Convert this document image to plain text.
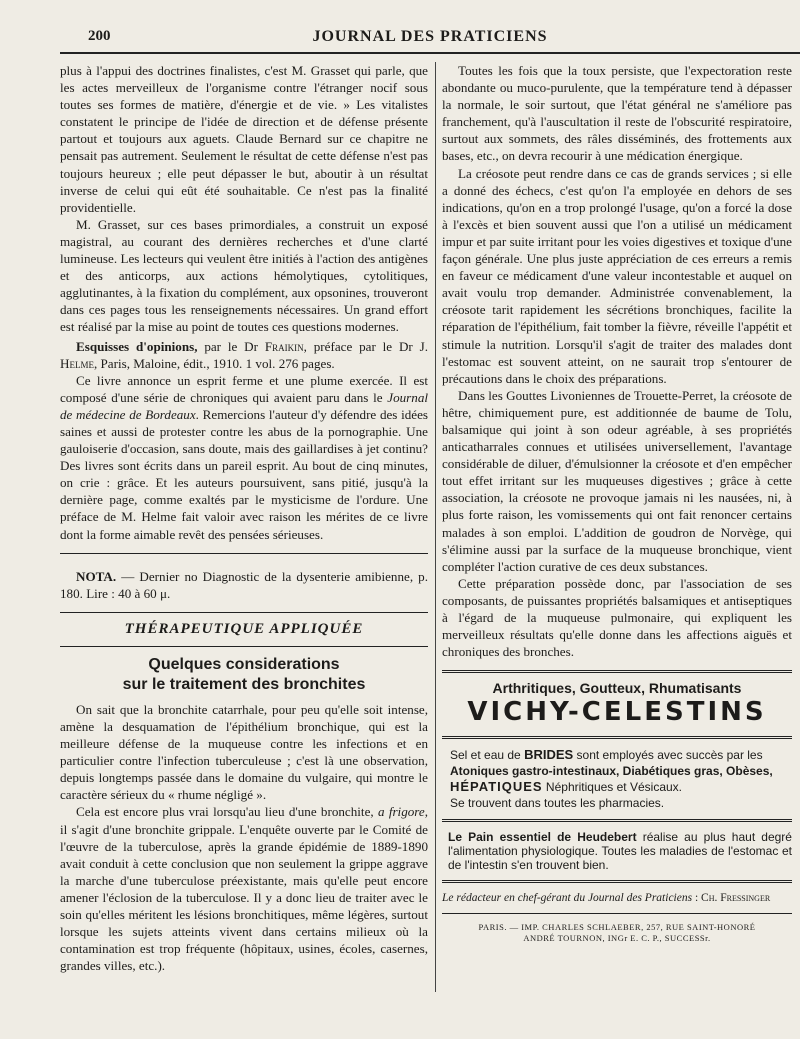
JOURNAL DES PRATICIENS
200

plus à l'appui des doctrines finalistes, c'est M. Grasset qui parle, que les actes merveilleux de l'organisme contre l'étranger nocif sous toutes ses formes de matière, d'énergie et de vie. » Les vitalistes constatent le principe de l'idée de direction et de défense présente partout et toujours aux aguets. Claude Bernard sur ce chapitre ne pensait pas autrement. Seulement le résultat de cette défense n'est pas toujours heureux ; elle peut dépasser le but, aboutir à un résultat inverse de celui qui eût été souhaitable. Ce n'est pas la finalité providentielle.

M. Grasset, sur ces bases primordiales, a construit un exposé magistral, au courant des dernières recherches et d'une clarté lumineuse. Les lecteurs qui veulent être initiés à l'action des antigènes et des anticorps, aux actions hémolytiques, cytolitiques, agglutinantes, à la fixation du complément, aux opsonines, trouveront dans ces pages tous les renseignements nécessaires. Un grand effort est réalisé par la mise au point de toutes ces questions modernes.

Esquisses d'opinions, par le Dr Fraikin, préface par le Dr J. Helme, Paris, Maloine, édit., 1910. 1 vol. 276 pages.

Ce livre annonce un esprit ferme et une plume exercée. Il est composé d'une série de chroniques qui avaient paru dans le Journal de médecine de Bordeaux. Remercions l'auteur d'y défendre des idées saines et aussi de protester contre les abus de la pornographie. Une gauloiserie d'occasion, sans doute, mais des gaillardises à jet continu? Des livres sont écrits dans un pareil esprit. Au bout de cinq minutes, on crie : grâce. Et les auteurs poursuivent, sans pitié, jusqu'à la dernière page, comme exaltés par le mysticisme de l'ordure. Une préface de M. Helme fait valoir avec raison les mérites de ce livre dont la forme aimable revêt des pensées sérieuses.

NOTA. — Dernier no Diagnostic de la dysenterie amibienne, p. 180. Lire : 40 à 60 μ.

THÉRAPEUTIQUE APPLIQUÉE
Quelques considerations
sur le traitement des bronchites

On sait que la bronchite catarrhale, pour peu qu'elle soit intense, amène la desquamation de l'épithélium bronchique, qui est la meilleure défense de la muqueuse contre les infections et en particulier contre l'infection tuberculeuse ; c'est là une observation, depuis longtemps passée dans le domaine du vulgaire, qui montre le caractère sérieux du « rhume négligé ».

Cela est encore plus vrai lorsqu'au lieu d'une bronchite, a frigore, il s'agit d'une bronchite grippale. L'enquête ouverte par le Comité de l'œuvre de la tuberculose, après la grande épidémie de 1889-1890 avait conduit à cette conclusion que non seulement la grippe aggrave la marche d'une tuberculose préexistante, mais qu'elle peut encore amener l'éclosion de la tuberculose. Il y a donc lieu de traiter avec le soin qu'elles méritent les lésions bronchitiques, même légères, surtout lorsque les sujets atteints vivent dans certains milieux où la contamination est trop fréquente (hôpitaux, usines, écoles, casernes, grandes villes, etc.).

Toutes les fois que la toux persiste, que l'expectoration reste abondante ou muco-purulente, que la température tend à dépasser la normale, le soir surtout, que l'état général ne s'améliore pas franchement, qu'à l'auscultation il reste de l'obscurité respiratoire, surtout aux sommets, des râles disséminés, des frottements aux bases, etc., on devra recourir à une médication énergique.

La créosote peut rendre dans ce cas de grands services ; si elle a donné des échecs, c'est qu'on l'a employée en dehors de ses indications, qu'on en a trop prolongé l'usage, qu'on a forcé la dose à l'excès et bien souvent aussi que l'on a utilisé un médicament impur et par suite irritant pour les voies digestives et toxique d'une façon générale. Une plus juste appréciation de ces erreurs a remis en faveur ce médicament d'une valeur incontestable et auquel on avait voulu trop demander. Administrée convenablement, la créosote tarit rapidement les sécrétions bronchiques, facilite la réparation de l'épithélium, fait tomber la fièvre, réveille l'appétit et stimule la nutrition. Lorsqu'il s'agit de traiter des malades dont l'estomac est souvent atteint, on ne saurait trop s'entourer de précautions dans le choix des préparations.

Dans les Gouttes Livoniennes de Trouette-Perret, la créosote de hêtre, chimiquement pure, est additionnée de baume de Tolu, balsamique qui joint à son odeur agréable, à ses propriétés anticatharrales connues et utilisées universellement, l'avantage considérable de diluer, d'émulsionner la créosote et d'en empêcher tout effet irritant sur les muqueuses digestives ; grâce à cette association, la créosote ne provoque jamais ni les nausées, ni, à plus forte raison, les vomissements qui ont fait renoncer certains malades à son emploi. L'addition de goudron de Norvège, qui s'élimine aussi par la surface de la muqueuse bronchique, vient compléter l'action curative de ces deux substances.

Cette préparation possède donc, par l'association de ses composants, de puissantes propriétés balsamiques et antiseptiques à l'égard de la muqueuse pulmonaire, qui expliquent les merveilleux résultats qu'elle donne dans les affections aiguës et chroniques des bronches.

Arthritiques, Goutteux, Rhumatisants
VICHY-CELESTINS
Sel et eau de BRIDES sont employés avec succès par les
Atoniques gastro-intestinaux, Diabétiques gras, Obèses,
HÉPATIQUES Néphritiques et Vésicaux.
Se trouvent dans toutes les pharmacies.
Le Pain essentiel de Heudebert réalise au plus haut degré l'alimentation physiologique. Toutes les maladies de l'estomac et de l'intestin s'en trouvent bien.
Le rédacteur en chef-gérant du Journal des Praticiens : Ch. Fressinger
PARIS. — IMP. CHARLES SCHLAEBER, 257, RUE SAINT-HONORÉ
ANDRÉ TOURNON, INGr E. C. P., SUCCESSr.
